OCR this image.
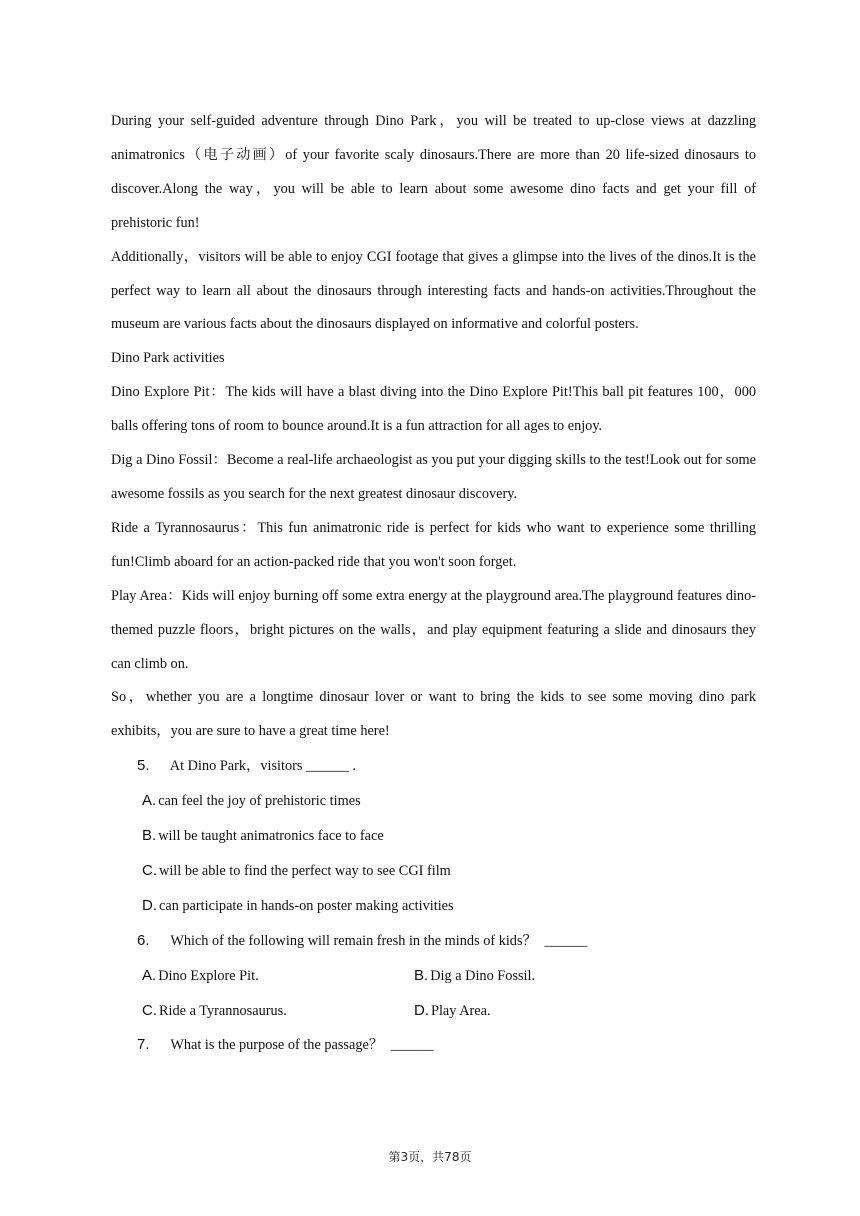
During your self-guided adventure through Dino Park，you will be treated to up-close views at dazzling animatronics（电子动画）of your favorite scaly dinosaurs.There are more than 20 life-sized dinosaurs to discover.Along the way，you will be able to learn about some awesome dino facts and get your fill of prehistoric fun!

Additionally，visitors will be able to enjoy CGI footage that gives a glimpse into the lives of the dinos.It is the perfect way to learn all about the dinosaurs through interesting facts and hands-on activities.Throughout the museum are various facts about the dinosaurs displayed on informative and colorful posters.

Dino Park activities

Dino Explore Pit：The kids will have a blast diving into the Dino Explore Pit!This ball pit features 100，000 balls offering tons of room to bounce around.It is a fun attraction for all ages to enjoy.

Dig a Dino Fossil：Become a real-life archaeologist as you put your digging skills to the test!Look out for some awesome fossils as you search for the next greatest dinosaur discovery.

Ride a Tyrannosaurus：This fun animatronic ride is perfect for kids who want to experience some thrilling fun!Climb aboard for an action-packed ride that you won't soon forget.

Play Area：Kids will enjoy burning off some extra energy at the playground area.The playground features dino-themed puzzle floors，bright pictures on the walls，and play equipment featuring a slide and dinosaurs they can climb on.

So，whether you are a longtime dinosaur lover or want to bring the kids to see some moving dino park exhibits，you are sure to have a great time here!

5. At Dino Park，visitors ______ .

A. can feel the joy of prehistoric times

B. will be taught animatronics face to face

C. will be able to find the perfect way to see CGI film

D. can participate in hands-on poster making activities

6. Which of the following will remain fresh in the minds of kids？ ______

A. Dino Explore Pit.	B. Dig a Dino Fossil.
C. Ride a Tyrannosaurus.	D. Play Area.

7. What is the purpose of the passage？ ______

第3页，共78页
